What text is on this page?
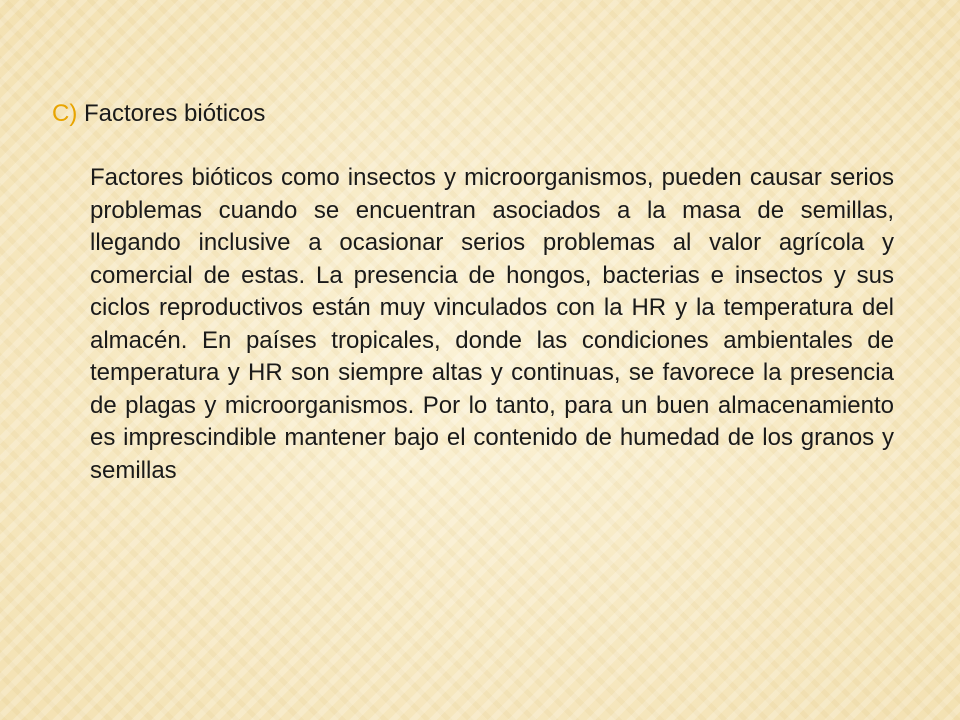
C) Factores bióticos

Factores bióticos como insectos y microorganismos, pueden causar serios problemas cuando se encuentran asociados a la masa de semillas, llegando inclusive a ocasionar serios problemas al valor agrícola y comercial de estas. La presencia de hongos, bacterias e insectos y sus ciclos reproductivos están muy vinculados con la HR y la temperatura del almacén. En países tropicales, donde las condiciones ambientales de temperatura y HR son siempre altas y continuas, se favorece la presencia de plagas y microorganismos. Por lo tanto, para un buen almacenamiento es imprescindible mantener bajo el contenido de humedad de los granos y semillas
